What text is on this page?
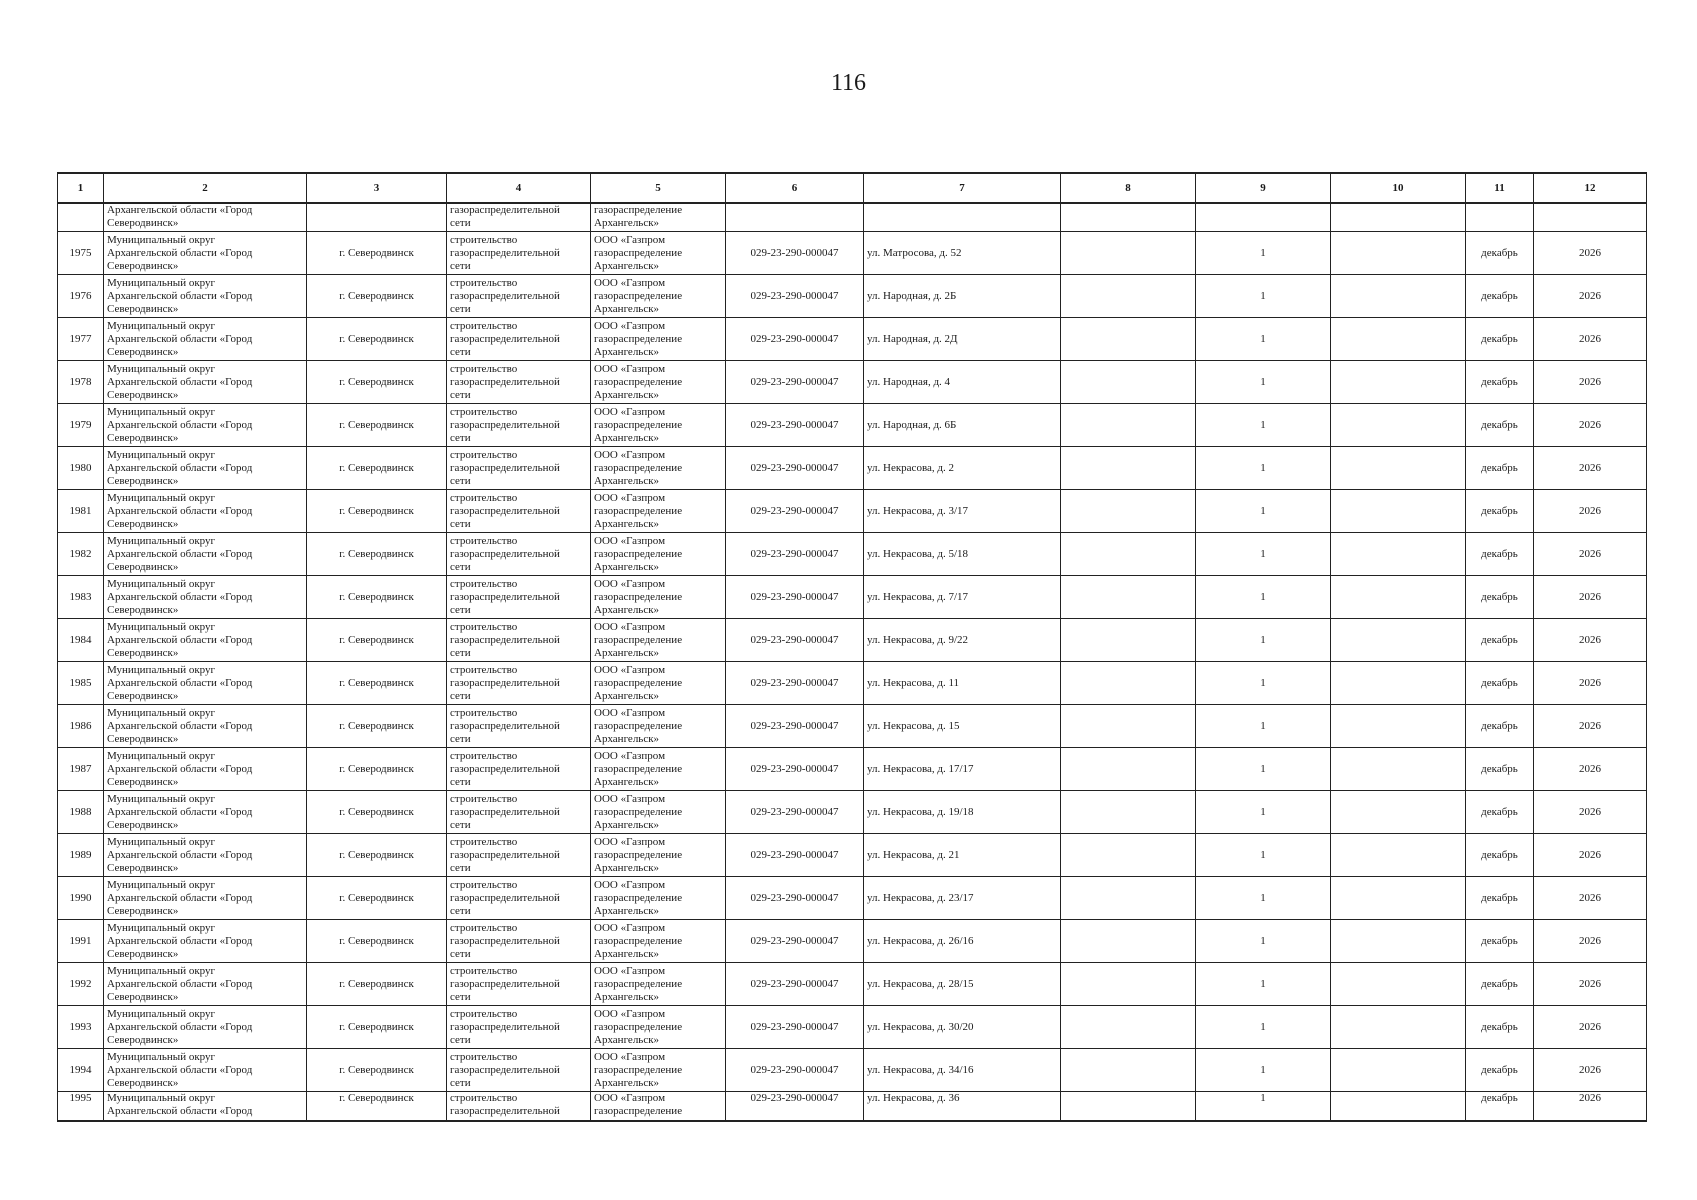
116
1	2	3	4	5	6	7	8	9	10	11	12
	Архангельской области «Город
Северодвинск»		газораспределительной
сети	газораспределение
Архангельск»							
1975	Муниципальный округ
Архангельской области «Город
Северодвинск»	г. Северодвинск	строительство
газораспределительной
сети	ООО «Газпром
газораспределение
Архангельск»	029-23-290-000047	ул. Матросова, д. 52		1		декабрь	2026
1976	Муниципальный округ
Архангельской области «Город
Северодвинск»	г. Северодвинск	строительство
газораспределительной
сети	ООО «Газпром
газораспределение
Архангельск»	029-23-290-000047	ул. Народная, д. 2Б		1		декабрь	2026
1977	Муниципальный округ
Архангельской области «Город
Северодвинск»	г. Северодвинск	строительство
газораспределительной
сети	ООО «Газпром
газораспределение
Архангельск»	029-23-290-000047	ул. Народная, д. 2Д		1		декабрь	2026
1978	Муниципальный округ
Архангельской области «Город
Северодвинск»	г. Северодвинск	строительство
газораспределительной
сети	ООО «Газпром
газораспределение
Архангельск»	029-23-290-000047	ул. Народная, д. 4		1		декабрь	2026
1979	Муниципальный округ
Архангельской области «Город
Северодвинск»	г. Северодвинск	строительство
газораспределительной
сети	ООО «Газпром
газораспределение
Архангельск»	029-23-290-000047	ул. Народная, д. 6Б		1		декабрь	2026
1980	Муниципальный округ
Архангельской области «Город
Северодвинск»	г. Северодвинск	строительство
газораспределительной
сети	ООО «Газпром
газораспределение
Архангельск»	029-23-290-000047	ул. Некрасова, д. 2		1		декабрь	2026
1981	Муниципальный округ
Архангельской области «Город
Северодвинск»	г. Северодвинск	строительство
газораспределительной
сети	ООО «Газпром
газораспределение
Архангельск»	029-23-290-000047	ул. Некрасова, д. 3/17		1		декабрь	2026
1982	Муниципальный округ
Архангельской области «Город
Северодвинск»	г. Северодвинск	строительство
газораспределительной
сети	ООО «Газпром
газораспределение
Архангельск»	029-23-290-000047	ул. Некрасова, д. 5/18		1		декабрь	2026
1983	Муниципальный округ
Архангельской области «Город
Северодвинск»	г. Северодвинск	строительство
газораспределительной
сети	ООО «Газпром
газораспределение
Архангельск»	029-23-290-000047	ул. Некрасова, д. 7/17		1		декабрь	2026
1984	Муниципальный округ
Архангельской области «Город
Северодвинск»	г. Северодвинск	строительство
газораспределительной
сети	ООО «Газпром
газораспределение
Архангельск»	029-23-290-000047	ул. Некрасова, д. 9/22		1		декабрь	2026
1985	Муниципальный округ
Архангельской области «Город
Северодвинск»	г. Северодвинск	строительство
газораспределительной
сети	ООО «Газпром
газораспределение
Архангельск»	029-23-290-000047	ул. Некрасова, д. 11		1		декабрь	2026
1986	Муниципальный округ
Архангельской области «Город
Северодвинск»	г. Северодвинск	строительство
газораспределительной
сети	ООО «Газпром
газораспределение
Архангельск»	029-23-290-000047	ул. Некрасова, д. 15		1		декабрь	2026
1987	Муниципальный округ
Архангельской области «Город
Северодвинск»	г. Северодвинск	строительство
газораспределительной
сети	ООО «Газпром
газораспределение
Архангельск»	029-23-290-000047	ул. Некрасова, д. 17/17		1		декабрь	2026
1988	Муниципальный округ
Архангельской области «Город
Северодвинск»	г. Северодвинск	строительство
газораспределительной
сети	ООО «Газпром
газораспределение
Архангельск»	029-23-290-000047	ул. Некрасова, д. 19/18		1		декабрь	2026
1989	Муниципальный округ
Архангельской области «Город
Северодвинск»	г. Северодвинск	строительство
газораспределительной
сети	ООО «Газпром
газораспределение
Архангельск»	029-23-290-000047	ул. Некрасова, д. 21		1		декабрь	2026
1990	Муниципальный округ
Архангельской области «Город
Северодвинск»	г. Северодвинск	строительство
газораспределительной
сети	ООО «Газпром
газораспределение
Архангельск»	029-23-290-000047	ул. Некрасова, д. 23/17		1		декабрь	2026
1991	Муниципальный округ
Архангельской области «Город
Северодвинск»	г. Северодвинск	строительство
газораспределительной
сети	ООО «Газпром
газораспределение
Архангельск»	029-23-290-000047	ул. Некрасова, д. 26/16		1		декабрь	2026
1992	Муниципальный округ
Архангельской области «Город
Северодвинск»	г. Северодвинск	строительство
газораспределительной
сети	ООО «Газпром
газораспределение
Архангельск»	029-23-290-000047	ул. Некрасова, д. 28/15		1		декабрь	2026
1993	Муниципальный округ
Архангельской области «Город
Северодвинск»	г. Северодвинск	строительство
газораспределительной
сети	ООО «Газпром
газораспределение
Архангельск»	029-23-290-000047	ул. Некрасова, д. 30/20		1		декабрь	2026
1994	Муниципальный округ
Архангельской области «Город
Северодвинск»	г. Северодвинск	строительство
газораспределительной
сети	ООО «Газпром
газораспределение
Архангельск»	029-23-290-000047	ул. Некрасова, д. 34/16		1		декабрь	2026
1995	Муниципальный округ
Архангельской области «Город	г. Северодвинск	строительство
газораспределительной	ООО «Газпром
газораспределение	029-23-290-000047	ул. Некрасова, д. 36		1		декабрь	2026
